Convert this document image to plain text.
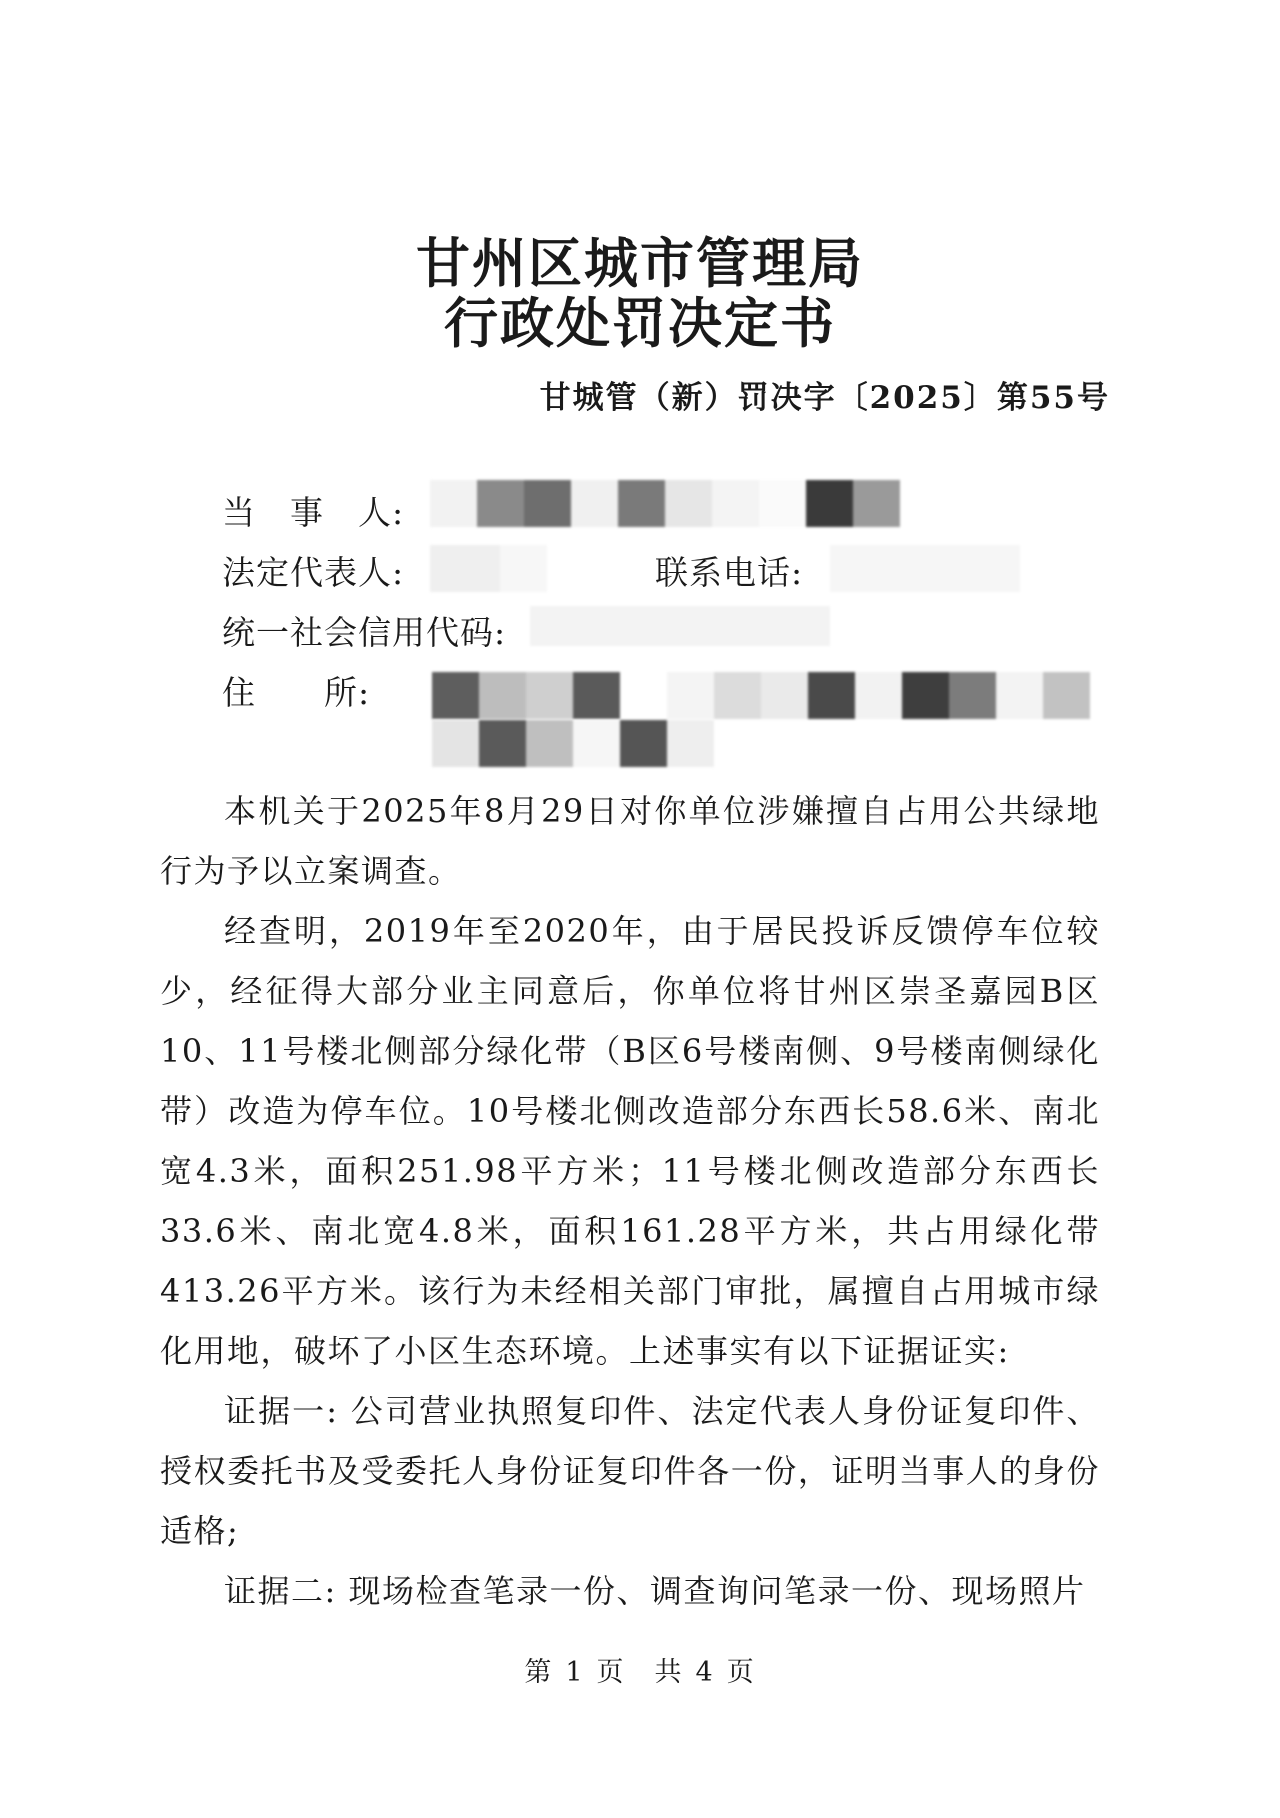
甘州区城市管理局
行政处罚决定书
甘城管（新）罚决字〔2025〕第55号
当　事　人:
法定代表人:	联系电话:
统一社会信用代码:
住　　所:

本机关于2025年8月29日对你单位涉嫌擅自占用公共绿地行为予以立案调查。

经查明，2019年至2020年，由于居民投诉反馈停车位较少，经征得大部分业主同意后，你单位将甘州区崇圣嘉园B区10、11号楼北侧部分绿化带（B区6号楼南侧、9号楼南侧绿化带）改造为停车位。10号楼北侧改造部分东西长58.6米、南北宽4.3米，面积251.98平方米；11号楼北侧改造部分东西长33.6米、南北宽4.8米，面积161.28平方米，共占用绿化带413.26平方米。该行为未经相关部门审批，属擅自占用城市绿化用地，破坏了小区生态环境。上述事实有以下证据证实:

证据一: 公司营业执照复印件、法定代表人身份证复印件、授权委托书及受委托人身份证复印件各一份，证明当事人的身份适格;

证据二: 现场检查笔录一份、调查询问笔录一份、现场照片

第 1 页　共 4 页
